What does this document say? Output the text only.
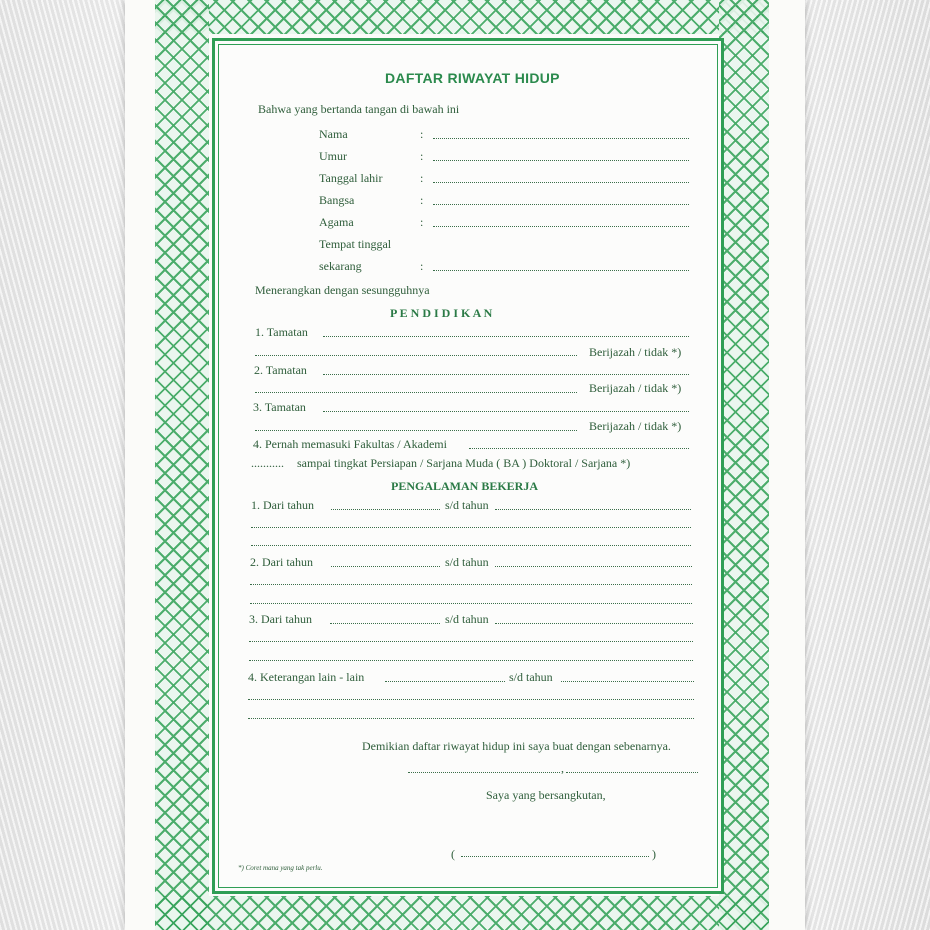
DAFTAR RIWAYAT HIDUP
Bahwa yang bertanda tangan di bawah ini
Nama	:
Umur	:
Tanggal lahir	:
Bangsa	:
Agama	:
Tempat tinggal
sekarang	:
Menerangkan dengan sesungguhnya
P E N D I D I K A N
1. Tamatan
Berijazah / tidak *)
2. Tamatan
Berijazah / tidak *)
3. Tamatan
Berijazah / tidak *)
4. Pernah memasuki Fakultas / Akademi
........... sampai tingkat Persiapan / Sarjana Muda ( BA ) Doktoral / Sarjana *)
PENGALAMAN BEKERJA
1. Dari tahun	s/d tahun
2. Dari tahun	s/d tahun
3. Dari tahun	s/d tahun
4. Keterangan lain - lain	s/d tahun
Demikian daftar riwayat hidup ini saya buat dengan sebenarnya.
,
Saya yang bersangkutan,
(	)
*) Coret mana yang tak perlu.
